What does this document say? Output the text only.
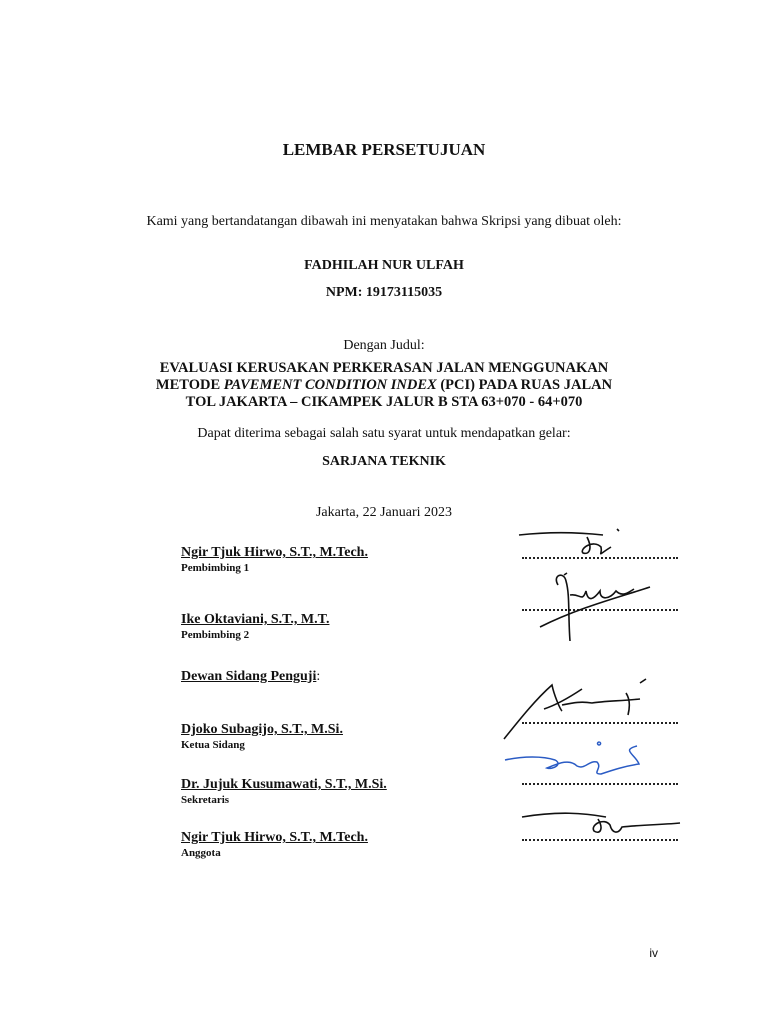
LEMBAR PERSETUJUAN
Kami yang bertandatangan dibawah ini menyatakan bahwa Skripsi yang dibuat oleh:
FADHILAH NUR ULFAH
NPM: 19173115035
Dengan Judul:
EVALUASI KERUSAKAN PERKERASAN JALAN MENGGUNAKAN
METODE PAVEMENT CONDITION INDEX (PCI) PADA RUAS JALAN
TOL JAKARTA – CIKAMPEK JALUR B STA 63+070 - 64+070
Dapat diterima sebagai salah satu syarat untuk mendapatkan gelar:
SARJANA TEKNIK
Jakarta, 22 Januari 2023
Ngir Tjuk Hirwo, S.T., M.Tech.
Pembimbing 1
Ike Oktaviani, S.T., M.T.
Pembimbing 2
Dewan Sidang Penguji:
Djoko Subagijo, S.T., M.Si.
Ketua Sidang
Dr. Jujuk Kusumawati, S.T., M.Si.
Sekretaris
Ngir Tjuk Hirwo, S.T., M.Tech.
Anggota
iv
